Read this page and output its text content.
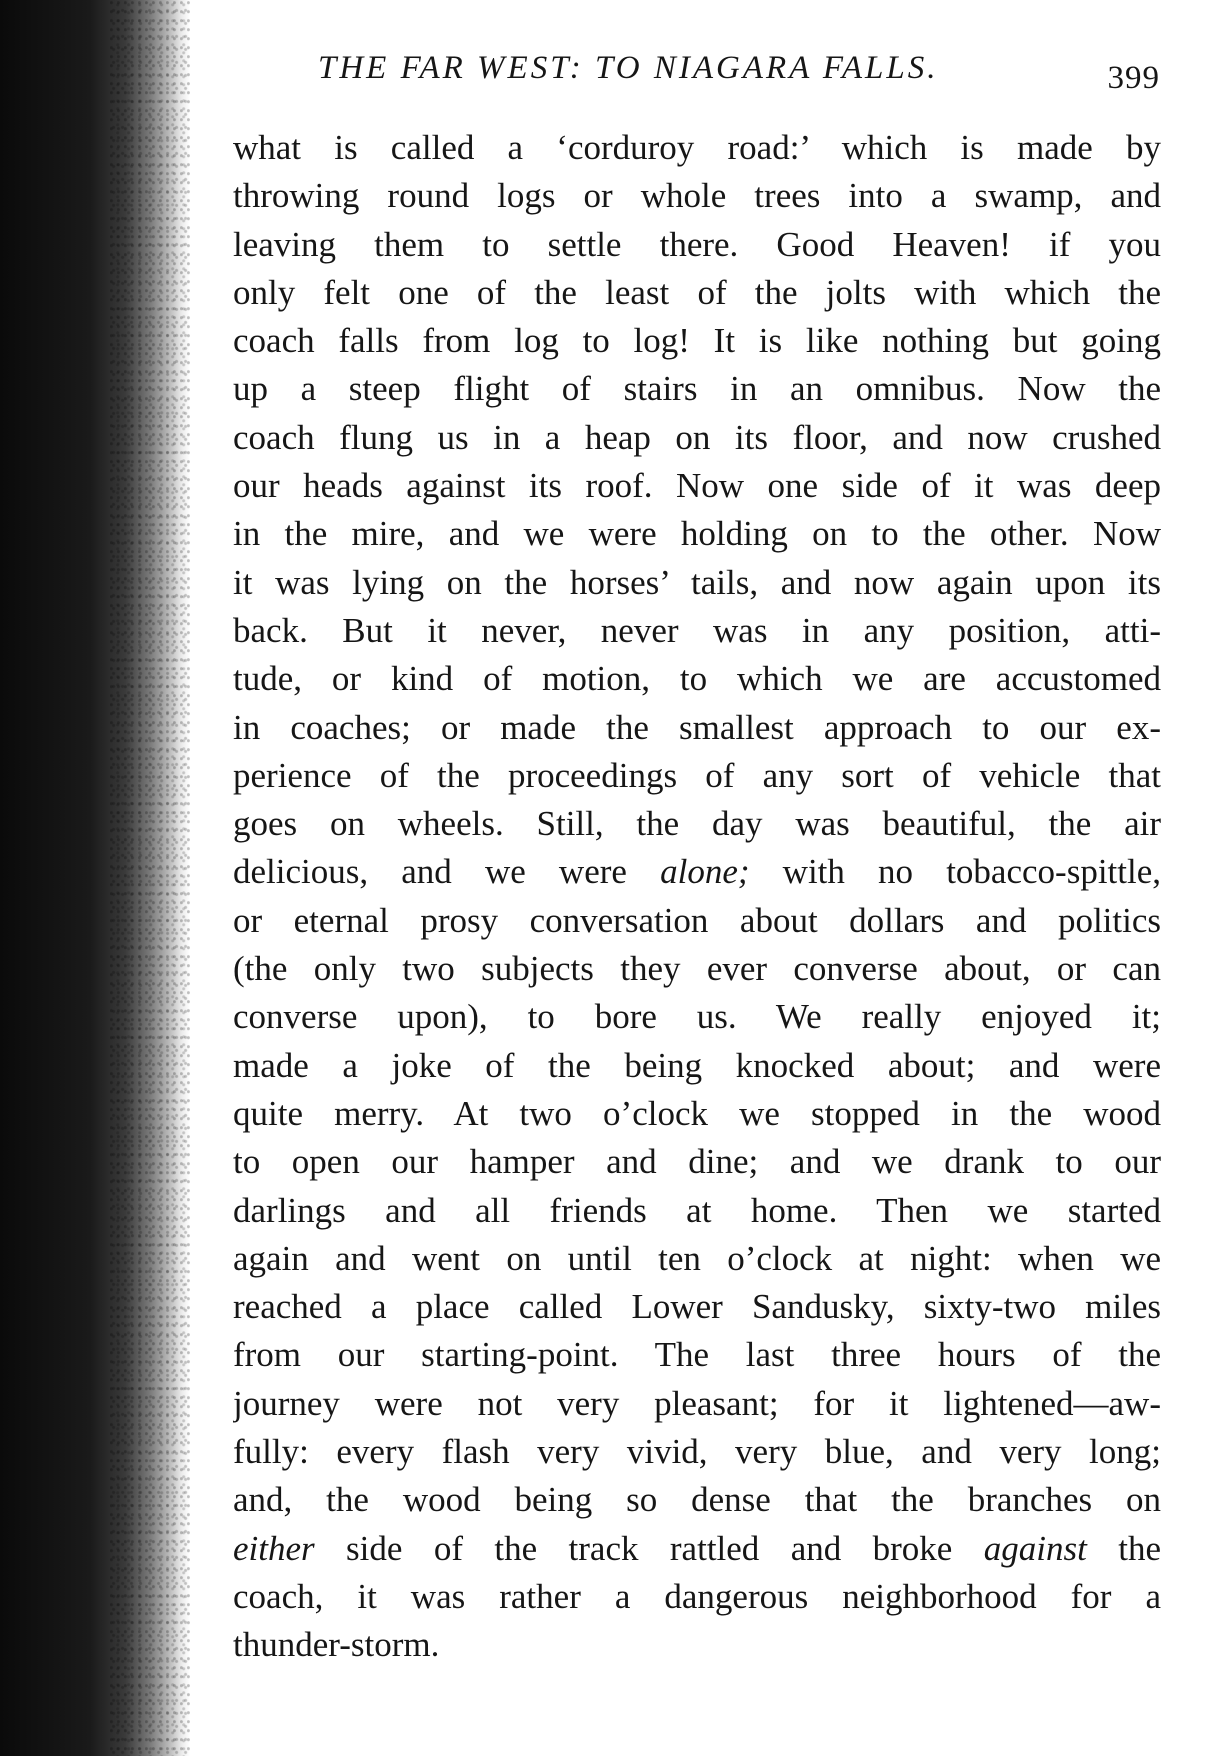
THE FAR WEST: TO NIAGARA FALLS.	399
what is called a ‘corduroy road:’ which is made by
throwing round logs or whole trees into a swamp, and
leaving them to settle there. Good Heaven! if you
only felt one of the least of the jolts with which the
coach falls from log to log! It is like nothing but going
up a steep flight of stairs in an omnibus. Now the
coach flung us in a heap on its floor, and now crushed
our heads against its roof. Now one side of it was deep
in the mire, and we were holding on to the other. Now
it was lying on the horses’ tails, and now again upon its
back. But it never, never was in any position, atti-
tude, or kind of motion, to which we are accustomed
in coaches; or made the smallest approach to our ex-
perience of the proceedings of any sort of vehicle that
goes on wheels. Still, the day was beautiful, the air
delicious, and we were alone; with no tobacco-spittle,
or eternal prosy conversation about dollars and politics
(the only two subjects they ever converse about, or can
converse upon), to bore us. We really enjoyed it;
made a joke of the being knocked about; and were
quite merry. At two o’clock we stopped in the wood
to open our hamper and dine; and we drank to our
darlings and all friends at home. Then we started
again and went on until ten o’clock at night: when we
reached a place called Lower Sandusky, sixty-two miles
from our starting-point. The last three hours of the
journey were not very pleasant; for it lightened—aw-
fully: every flash very vivid, very blue, and very long;
and, the wood being so dense that the branches on
either side of the track rattled and broke against the
coach, it was rather a dangerous neighborhood for a
thunder-storm.
